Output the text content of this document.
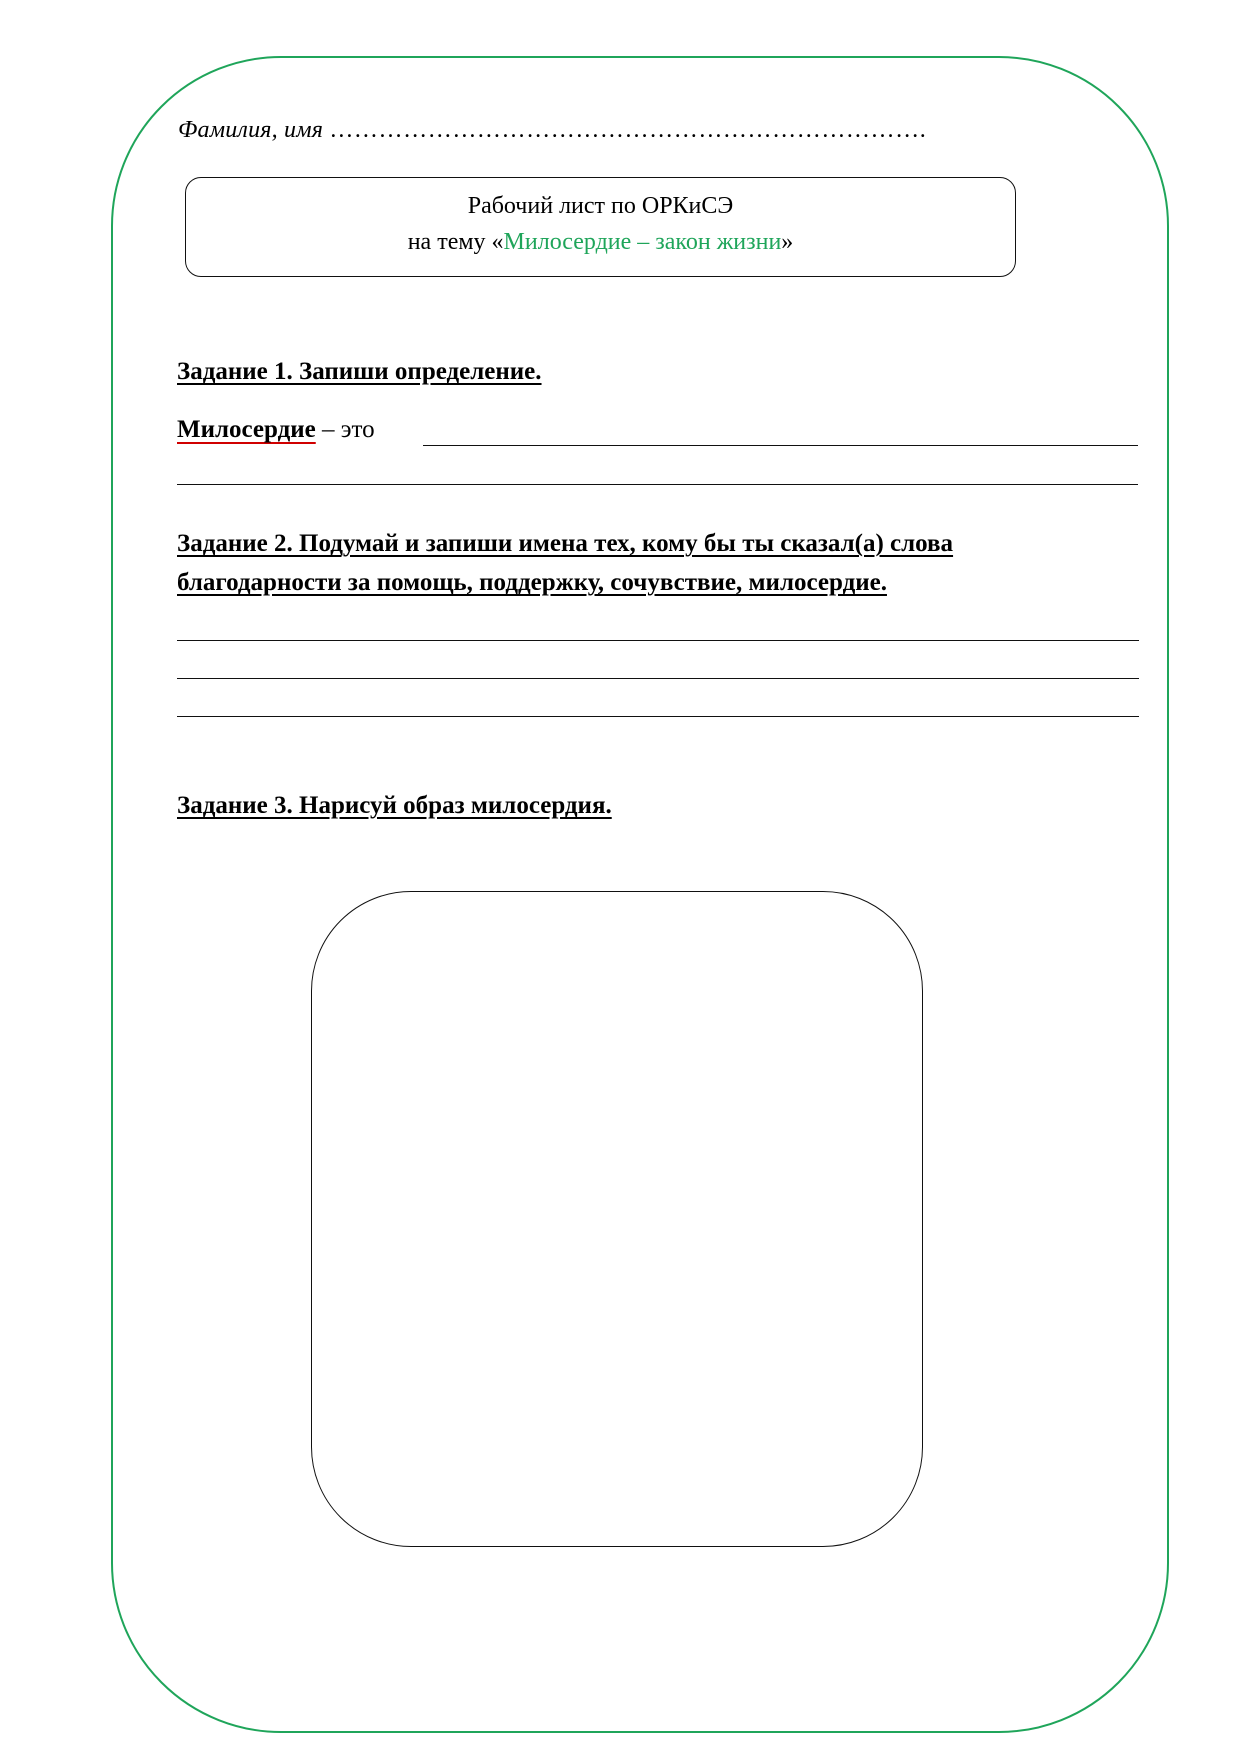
Фамилия, имя ……………………………………………………………….
Рабочий лист по ОРКиСЭ
на тему «Милосердие – закон жизни»
Задание 1. Запиши определение.
Милосердие – это
Задание 2. Подумай и запиши имена тех, кому бы ты сказал(а) слова
благодарности за помощь, поддержку, сочувствие, милосердие.
Задание 3. Нарисуй образ милосердия.
